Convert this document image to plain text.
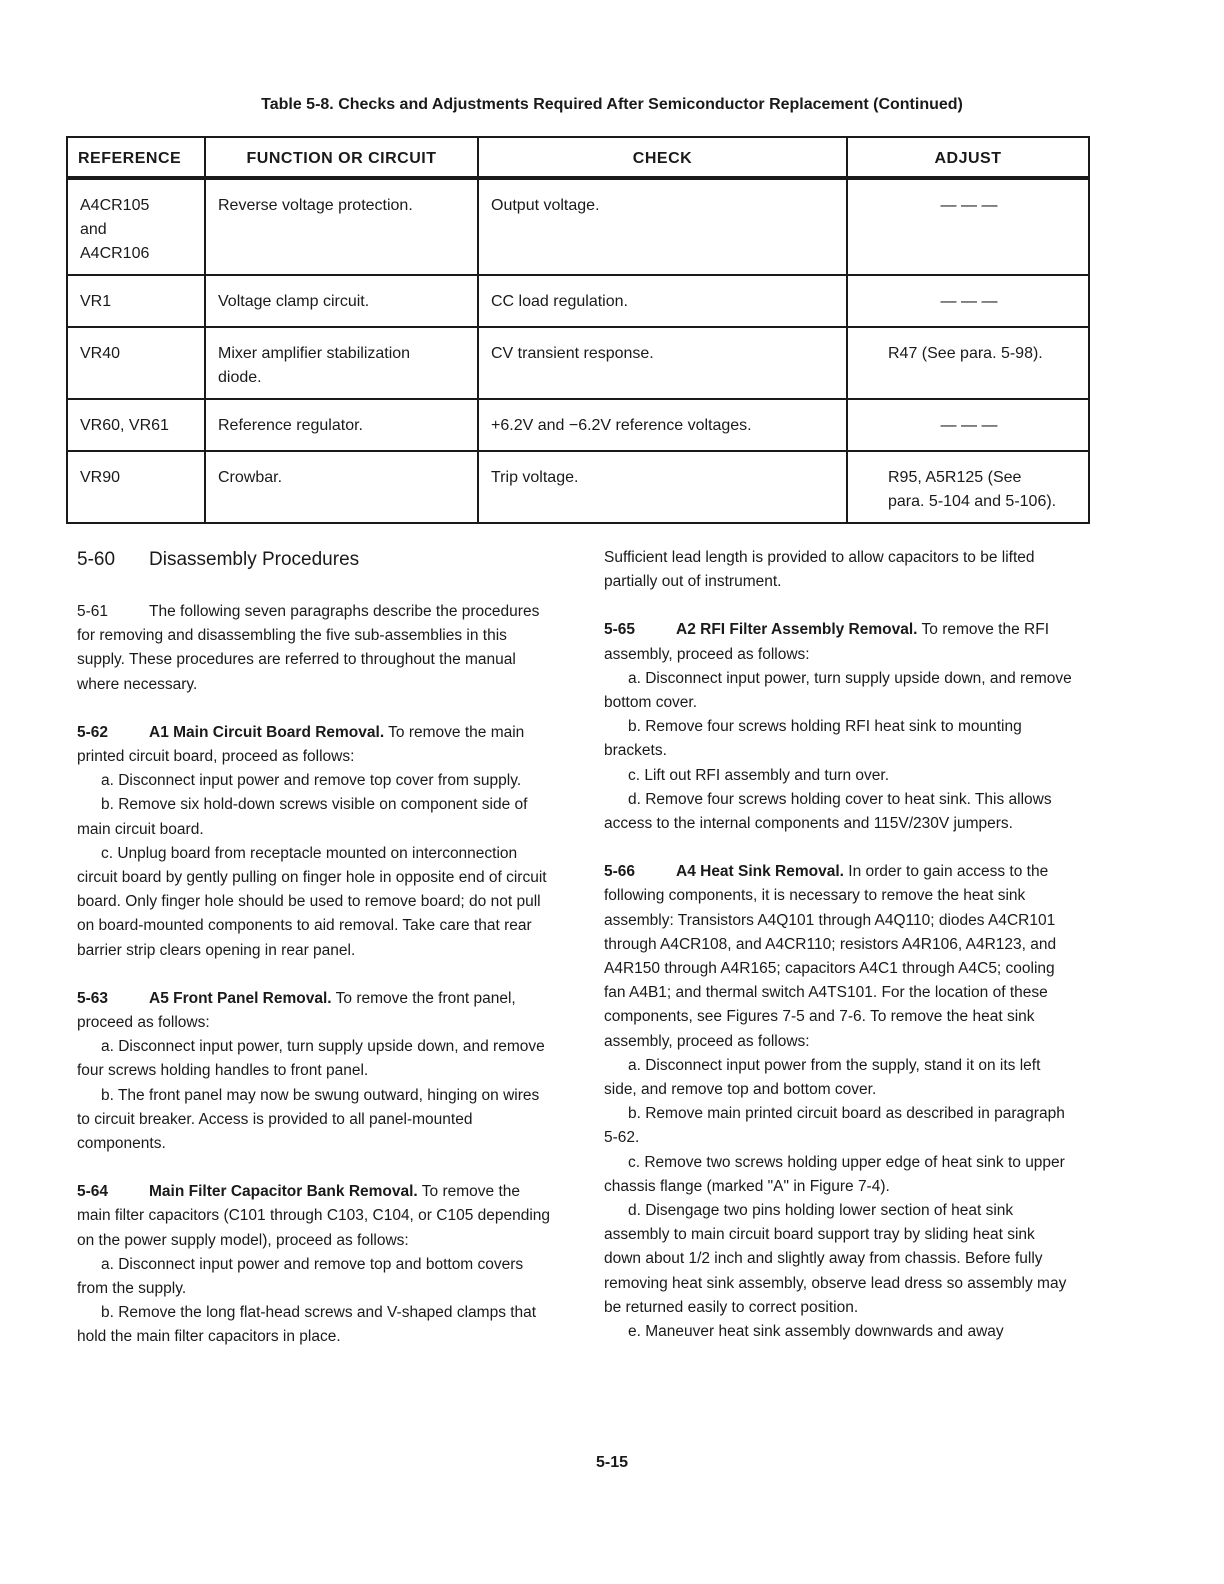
Table 5-8. Checks and Adjustments Required After Semiconductor Replacement (Continued)
REFERENCE	FUNCTION OR CIRCUIT	CHECK	ADJUST

A4CR105
and
A4CR106	Reverse voltage protection.	Output voltage.	— — —

VR1	Voltage clamp circuit.	CC load regulation.	— — —

VR40	Mixer amplifier stabilization
diode.	CV transient response.	R47 (See para. 5-98).

VR60, VR61	Reference regulator.	+6.2V and −6.2V reference voltages.	— — —

VR90	Crowbar.	Trip voltage.	R95, A5R125 (See
para. 5-104 and 5-106).
5-60 Disassembly Procedures

5-61	The following seven paragraphs describe the procedures for removing and disassembling the five sub-assemblies in this supply. These procedures are referred to throughout the manual where necessary.

5-62	A1 Main Circuit Board Removal. To remove the main printed circuit board, proceed as follows:

a. Disconnect input power and remove top cover from supply.

b. Remove six hold-down screws visible on component side of main circuit board.

c. Unplug board from receptacle mounted on interconnection circuit board by gently pulling on finger hole in opposite end of circuit board. Only finger hole should be used to remove board; do not pull on board-mounted components to aid removal. Take care that rear barrier strip clears opening in rear panel.

5-63	A5 Front Panel Removal. To remove the front panel, proceed as follows:

a. Disconnect input power, turn supply upside down, and remove four screws holding handles to front panel.

b. The front panel may now be swung outward, hinging on wires to circuit breaker. Access is provided to all panel-mounted components.

5-64	Main Filter Capacitor Bank Removal. To remove the main filter capacitors (C101 through C103, C104, or C105 depending on the power supply model), proceed as follows:

a. Disconnect input power and remove top and bottom covers from the supply.

b. Remove the long flat-head screws and V-shaped clamps that hold the main filter capacitors in place.

Sufficient lead length is provided to allow capacitors to be lifted partially out of instrument.

5-65	A2 RFI Filter Assembly Removal. To remove the RFI assembly, proceed as follows:

a. Disconnect input power, turn supply upside down, and remove bottom cover.

b. Remove four screws holding RFI heat sink to mounting brackets.

c. Lift out RFI assembly and turn over.

d. Remove four screws holding cover to heat sink. This allows access to the internal components and 115V/230V jumpers.

5-66	A4 Heat Sink Removal. In order to gain access to the following components, it is necessary to remove the heat sink assembly: Transistors A4Q101 through A4Q110; diodes A4CR101 through A4CR108, and A4CR110; resistors A4R106, A4R123, and A4R150 through A4R165; capacitors A4C1 through A4C5; cooling fan A4B1; and thermal switch A4TS101. For the location of these components, see Figures 7-5 and 7-6. To remove the heat sink assembly, proceed as follows:

a. Disconnect input power from the supply, stand it on its left side, and remove top and bottom cover.

b. Remove main printed circuit board as described in paragraph 5-62.

c. Remove two screws holding upper edge of heat sink to upper chassis flange (marked "A" in Figure 7-4).

d. Disengage two pins holding lower section of heat sink assembly to main circuit board support tray by sliding heat sink down about 1/2 inch and slightly away from chassis. Before fully removing heat sink assembly, observe lead dress so assembly may be returned easily to correct position.

e. Maneuver heat sink assembly downwards and away

5-15
